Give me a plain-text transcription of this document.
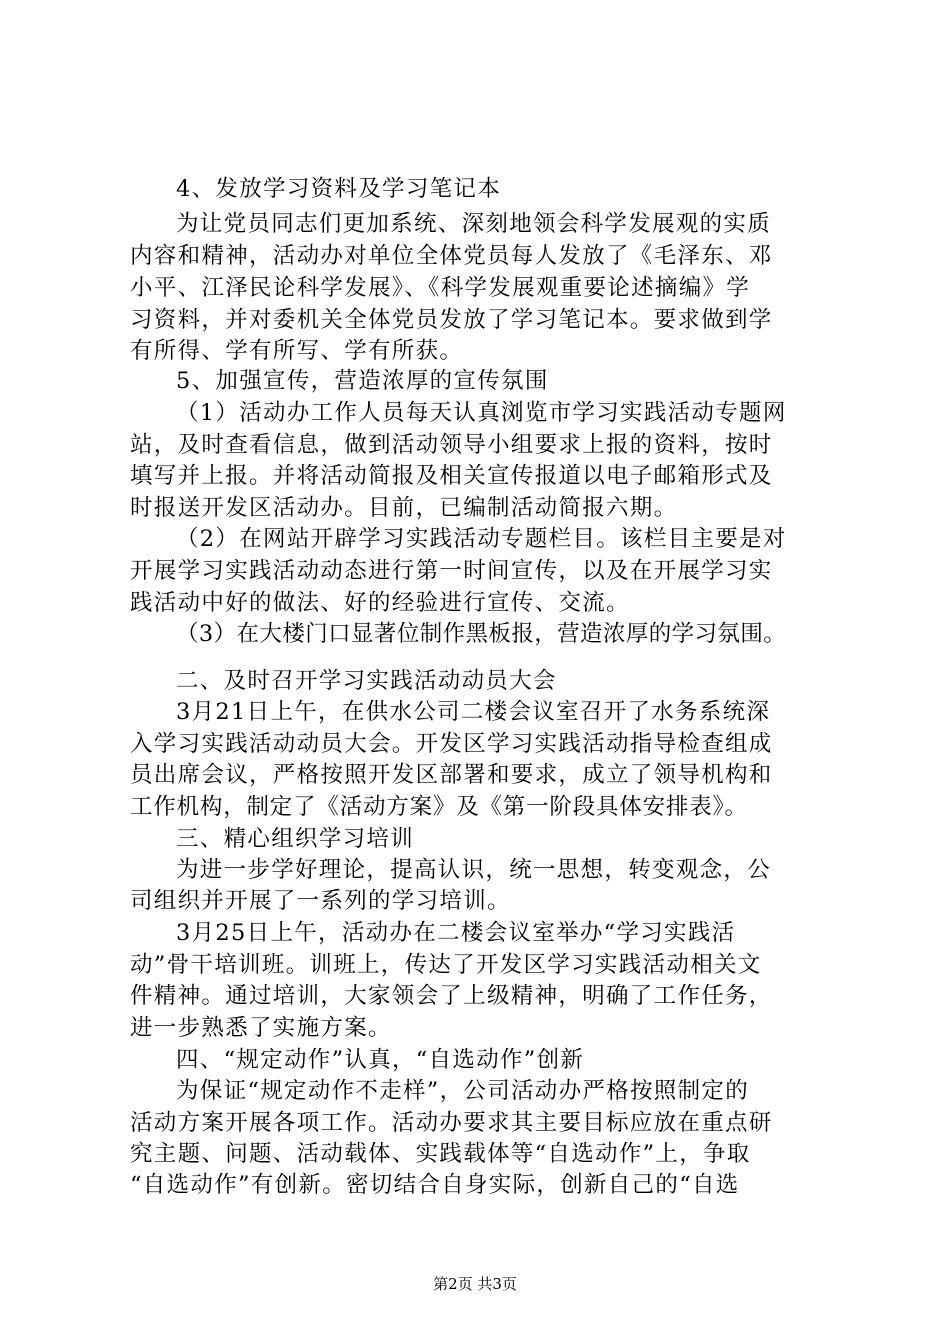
4、发放学习资料及学习笔记本
为让党员同志们更加系统、深刻地领会科学发展观的实质
内容和精神，活动办对单位全体党员每人发放了《毛泽东、邓
小平、江泽民论科学发展》、《科学发展观重要论述摘编》学
习资料，并对委机关全体党员发放了学习笔记本。要求做到学
有所得、学有所写、学有所获。
5、加强宣传，营造浓厚的宣传氛围
（1）活动办工作人员每天认真浏览市学习实践活动专题网
站，及时查看信息，做到活动领导小组要求上报的资料，按时
填写并上报。并将活动简报及相关宣传报道以电子邮箱形式及
时报送开发区活动办。目前，已编制活动简报六期。
（2）在网站开辟学习实践活动专题栏目。该栏目主要是对
开展学习实践活动动态进行第一时间宣传，以及在开展学习实
践活动中好的做法、好的经验进行宣传、交流。
（3）在大楼门口显著位制作黑板报，营造浓厚的学习氛围。
二、及时召开学习实践活动动员大会
3月21日上午，在供水公司二楼会议室召开了水务系统深
入学习实践活动动员大会。开发区学习实践活动指导检查组成
员出席会议，严格按照开发区部署和要求，成立了领导机构和
工作机构，制定了《活动方案》及《第一阶段具体安排表》。
三、精心组织学习培训
为进一步学好理论，提高认识，统一思想，转变观念，公
司组织并开展了一系列的学习培训。
3月25日上午，活动办在二楼会议室举办“学习实践活
动”骨干培训班。训班上，传达了开发区学习实践活动相关文
件精神。通过培训，大家领会了上级精神，明确了工作任务，
进一步熟悉了实施方案。
四、“规定动作”认真，“自选动作”创新
为保证“规定动作不走样”，公司活动办严格按照制定的
活动方案开展各项工作。活动办要求其主要目标应放在重点研
究主题、问题、活动载体、实践载体等“自选动作”上，争取
“自选动作”有创新。密切结合自身实际，创新自己的“自选
第2页 共3页
